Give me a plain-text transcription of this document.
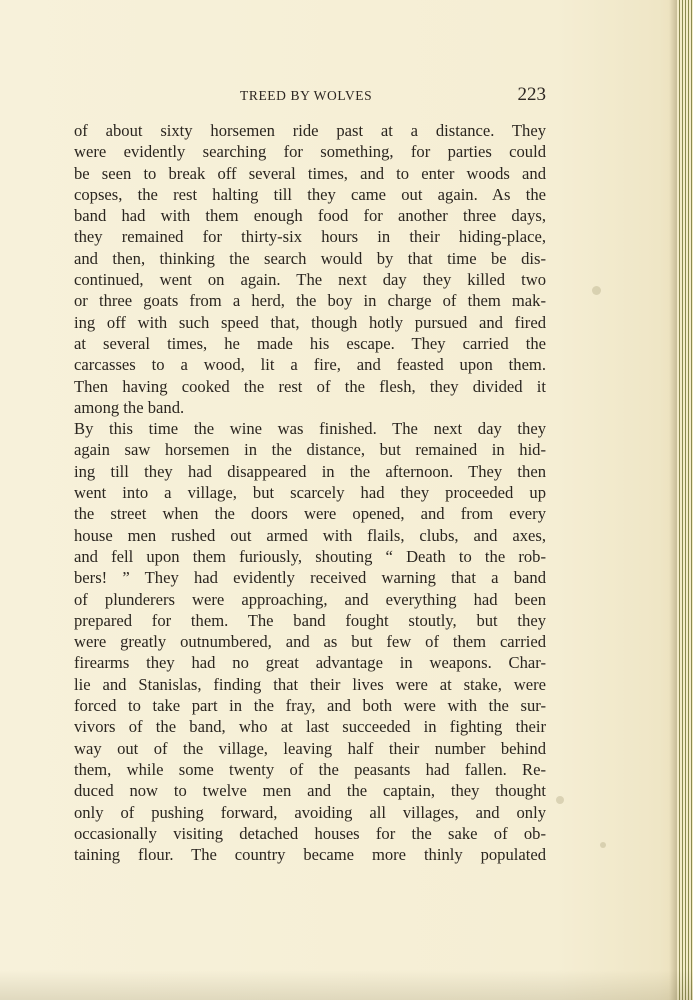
TREED BY WOLVES	223
of about sixty horsemen ride past at a distance. They
were evidently searching for something, for parties could
be seen to break off several times, and to enter woods and
copses, the rest halting till they came out again. As the
band had with them enough food for another three days,
they remained for thirty-six hours in their hiding-place,
and then, thinking the search would by that time be dis-
continued, went on again. The next day they killed two
or three goats from a herd, the boy in charge of them mak-
ing off with such speed that, though hotly pursued and fired
at several times, he made his escape. They carried the
carcasses to a wood, lit a fire, and feasted upon them.
Then having cooked the rest of the flesh, they divided it
among the band.
By this time the wine was finished. The next day they
again saw horsemen in the distance, but remained in hid-
ing till they had disappeared in the afternoon. They then
went into a village, but scarcely had they proceeded up
the street when the doors were opened, and from every
house men rushed out armed with flails, clubs, and axes,
and fell upon them furiously, shouting “ Death to the rob-
bers! ” They had evidently received warning that a band
of plunderers were approaching, and everything had been
prepared for them. The band fought stoutly, but they
were greatly outnumbered, and as but few of them carried
firearms they had no great advantage in weapons. Char-
lie and Stanislas, finding that their lives were at stake, were
forced to take part in the fray, and both were with the sur-
vivors of the band, who at last succeeded in fighting their
way out of the village, leaving half their number behind
them, while some twenty of the peasants had fallen. Re-
duced now to twelve men and the captain, they thought
only of pushing forward, avoiding all villages, and only
occasionally visiting detached houses for the sake of ob-
taining flour. The country became more thinly populated
